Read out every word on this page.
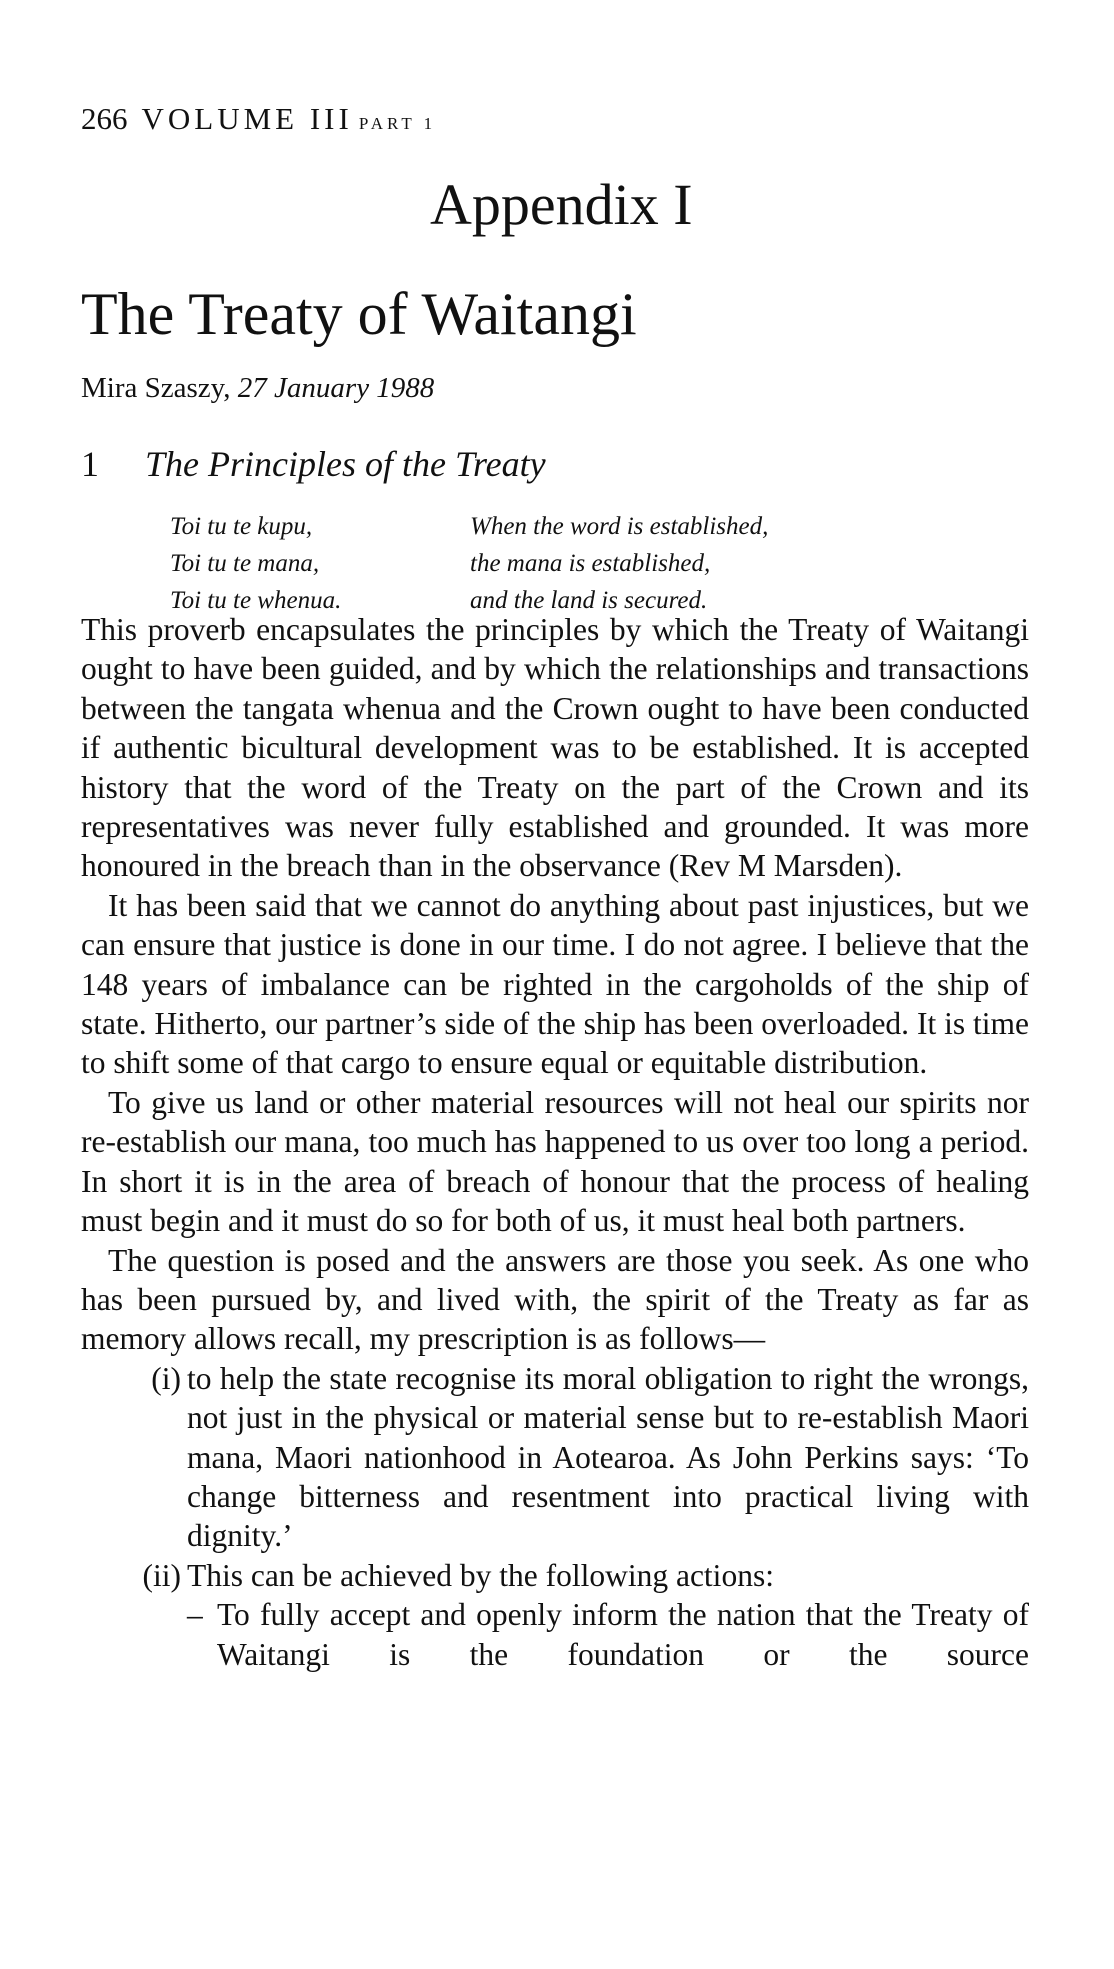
266 VOLUME III PART 1
Appendix I
The Treaty of Waitangi
Mira Szaszy, 27 January 1988
1 The Principles of the Treaty
Toi tu te kupu,	When the word is established,
Toi tu te mana,	the mana is established,
Toi tu te whenua.	and the land is secured.

This proverb encapsulates the principles by which the Treaty of Waitangi ought to have been guided, and by which the relationships and transactions between the tangata whenua and the Crown ought to have been conducted if authentic bicultural development was to be established. It is accepted history that the word of the Treaty on the part of the Crown and its representatives was never fully established and grounded. It was more honoured in the breach than in the observance (Rev M Marsden).

It has been said that we cannot do anything about past injustices, but we can ensure that justice is done in our time. I do not agree. I believe that the 148 years of imbalance can be righted in the cargoholds of the ship of state. Hitherto, our partner’s side of the ship has been overloaded. It is time to shift some of that cargo to ensure equal or equitable distribution.

To give us land or other material resources will not heal our spirits nor re-establish our mana, too much has happened to us over too long a period. In short it is in the area of breach of honour that the process of healing must begin and it must do so for both of us, it must heal both partners.

The question is posed and the answers are those you seek. As one who has been pursued by, and lived with, the spirit of the Treaty as far as memory allows recall, my prescription is as follows—

(i) to help the state recognise its moral obligation to right the wrongs, not just in the physical or material sense but to re-establish Maori mana, Maori nationhood in Aotearoa. As John Perkins says: ‘To change bitterness and resentment into practical living with dignity.’
(ii) This can be achieved by the following actions:
– To fully accept and openly inform the nation that the Treaty of Waitangi is the foundation or the source
